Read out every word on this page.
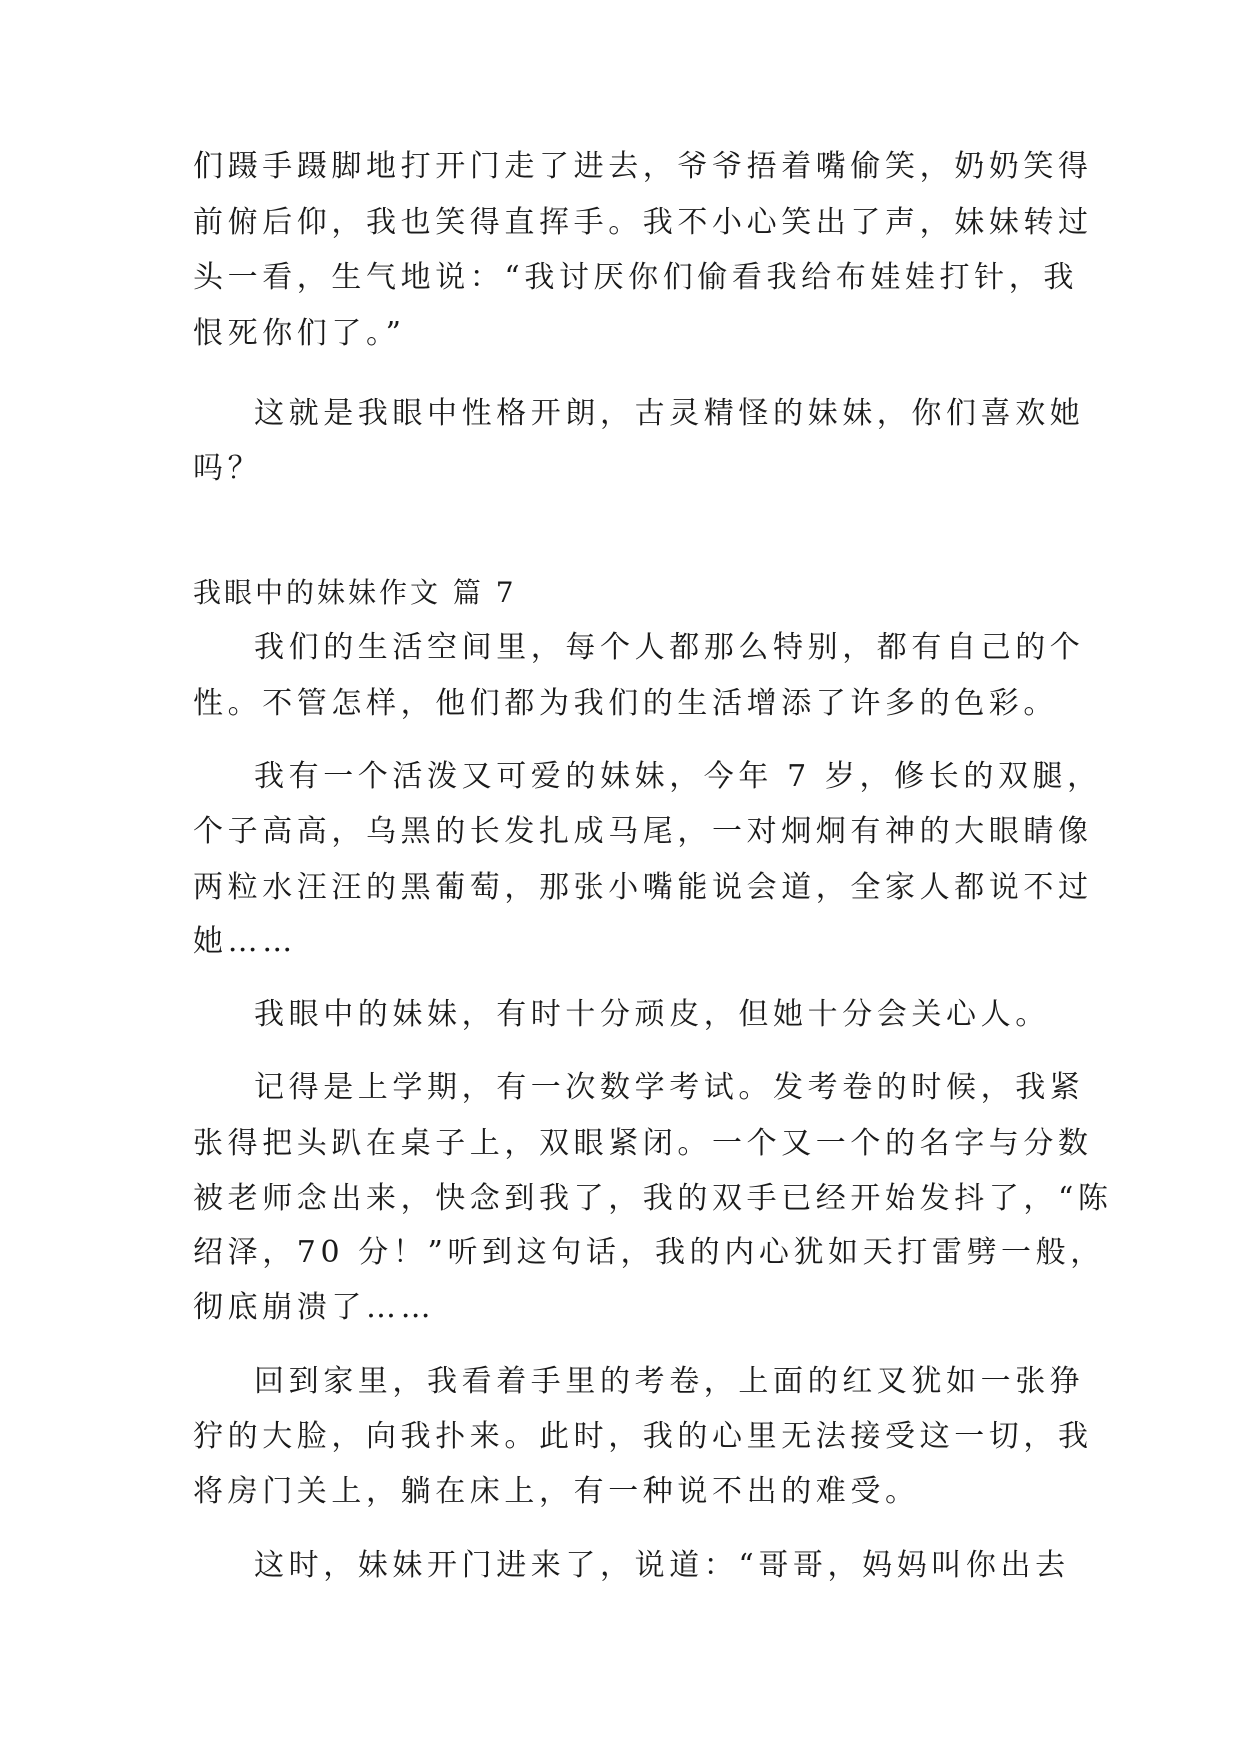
们蹑手蹑脚地打开门走了进去，爷爷捂着嘴偷笑，奶奶笑得
前俯后仰，我也笑得直挥手。我不小心笑出了声，妹妹转过
头一看，生气地说：“我讨厌你们偷看我给布娃娃打针，我
恨死你们了。”
这就是我眼中性格开朗，古灵精怪的妹妹，你们喜欢她
吗？
我眼中的妹妹作文 篇 7
我们的生活空间里，每个人都那么特别，都有自己的个
性。不管怎样，他们都为我们的生活增添了许多的色彩。
我有一个活泼又可爱的妹妹，今年 7 岁，修长的双腿，
个子高高，乌黑的长发扎成马尾，一对炯炯有神的大眼睛像
两粒水汪汪的黑葡萄，那张小嘴能说会道，全家人都说不过
她……
我眼中的妹妹，有时十分顽皮，但她十分会关心人。
记得是上学期，有一次数学考试。发考卷的时候，我紧
张得把头趴在桌子上，双眼紧闭。一个又一个的名字与分数
被老师念出来，快念到我了，我的双手已经开始发抖了，“陈
绍泽，70 分！”听到这句话，我的内心犹如天打雷劈一般，
彻底崩溃了……
回到家里，我看着手里的考卷，上面的红叉犹如一张狰
狞的大脸，向我扑来。此时，我的心里无法接受这一切，我
将房门关上，躺在床上，有一种说不出的难受。
这时，妹妹开门进来了，说道：“哥哥，妈妈叫你出去
